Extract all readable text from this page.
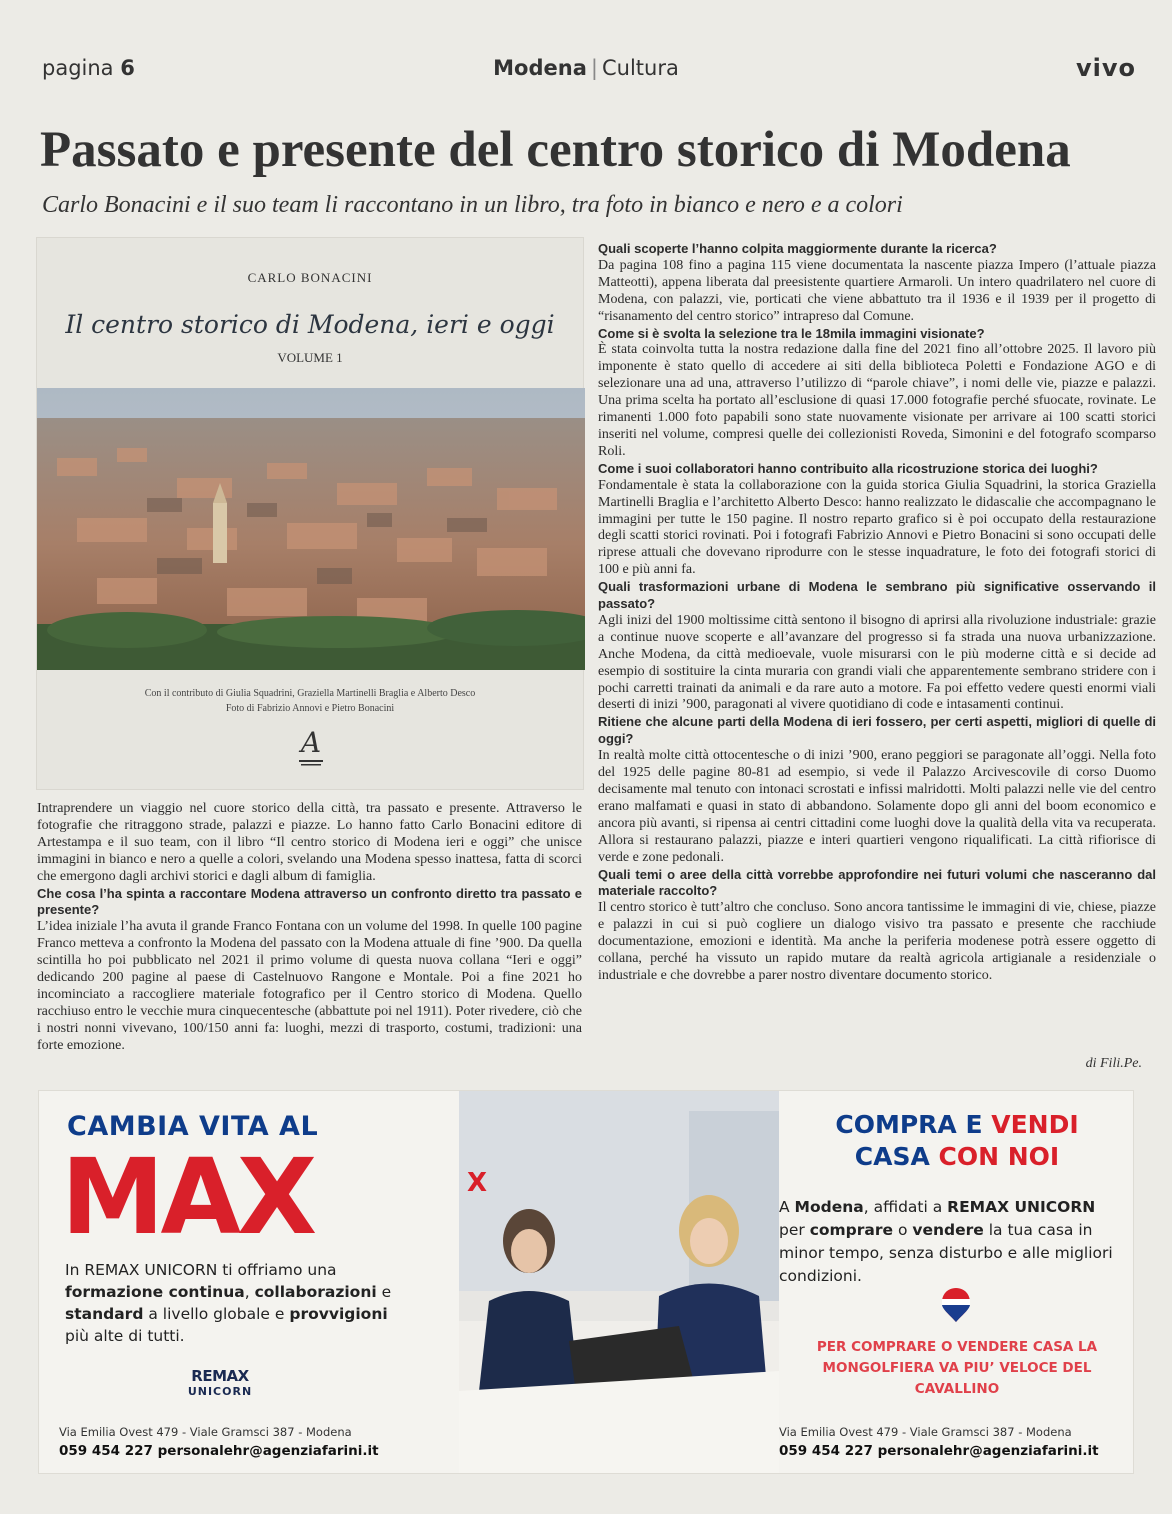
pagina 6	Modena | Cultura	vivo
Passato e presente del centro storico di Modena
Carlo Bonacini e il suo team li raccontano in un libro, tra foto in bianco e nero e a colori
CARLO BONACINI
Il centro storico di Modena, ieri e oggi
VOLUME 1
Con il contributo di Giulia Squadrini, Graziella Martinelli Braglia e Alberto Desco
Foto di Fabrizio Annovi e Pietro Bonacini
A

Intraprendere un viaggio nel cuore storico della città, tra passato e presente. Attraverso le fotografie che ritraggono strade, palazzi e piazze. Lo hanno fatto Carlo Bonacini editore di Artestampa e il suo team, con il libro “Il centro storico di Modena ieri e oggi” che unisce immagini in bianco e nero a quelle a colori, svelando una Modena spesso inattesa, fatta di scorci che emergono dagli archivi storici e dagli album di famiglia.

Che cosa l’ha spinta a raccontare Modena attraverso un confronto diretto tra passato e presente?

L’idea iniziale l’ha avuta il grande Franco Fontana con un volume del 1998. In quelle 100 pagine Franco metteva a confronto la Modena del passato con la Modena attuale di fine ’900. Da quella scintilla ho poi pubblicato nel 2021 il primo volume di questa nuova collana “Ieri e oggi” dedicando 200 pagine al paese di Castelnuovo Rangone e Montale. Poi a fine 2021 ho incominciato a raccogliere materiale fotografico per il Centro storico di Modena. Quello racchiuso entro le vecchie mura cinquecentesche (abbattute poi nel 1911). Poter rivedere, ciò che i nostri nonni vivevano, 100/150 anni fa: luoghi, mezzi di trasporto, costumi, tradizioni: una forte emozione.

Quali scoperte l’hanno colpita maggiormente durante la ricerca?

Da pagina 108 fino a pagina 115 viene documentata la nascente piazza Impero (l’attuale piazza Matteotti), appena liberata dal preesistente quartiere Armaroli. Un intero quadrilatero nel cuore di Modena, con palazzi, vie, porticati che viene abbattuto tra il 1936 e il 1939 per il progetto di “risanamento del centro storico” intrapreso dal Comune.

Come si è svolta la selezione tra le 18mila immagini visionate?

È stata coinvolta tutta la nostra redazione dalla fine del 2021 fino all’ottobre 2025. Il lavoro più imponente è stato quello di accedere ai siti della biblioteca Poletti e Fondazione AGO e di selezionare una ad una, attraverso l’utilizzo di “parole chiave”, i nomi delle vie, piazze e palazzi. Una prima scelta ha portato all’esclusione di quasi 17.000 fotografie perché sfuocate, rovinate. Le rimanenti 1.000 foto papabili sono state nuovamente visionate per arrivare ai 100 scatti storici inseriti nel volume, compresi quelle dei collezionisti Roveda, Simonini e del fotografo scomparso Roli.

Come i suoi collaboratori hanno contribuito alla ricostruzione storica dei luoghi?

Fondamentale è stata la collaborazione con la guida storica Giulia Squadrini, la storica Graziella Martinelli Braglia e l’architetto Alberto Desco: hanno realizzato le didascalie che accompagnano le immagini per tutte le 150 pagine. Il nostro reparto grafico si è poi occupato della restaurazione degli scatti storici rovinati. Poi i fotografi Fabrizio Annovi e Pietro Bonacini si sono occupati delle riprese attuali che dovevano riprodurre con le stesse inquadrature, le foto dei fotografi storici di 100 e più anni fa.

Quali trasformazioni urbane di Modena le sembrano più significative osservando il passato?

Agli inizi del 1900 moltissime città sentono il bisogno di aprirsi alla rivoluzione industriale: grazie a continue nuove scoperte e all’avanzare del progresso si fa strada una nuova urbanizzazione. Anche Modena, da città medioevale, vuole misurarsi con le più moderne città e si decide ad esempio di sostituire la cinta muraria con grandi viali che apparentemente sembrano stridere con i pochi carretti trainati da animali e da rare auto a motore. Fa poi effetto vedere questi enormi viali deserti di inizi ’900, paragonati al vivere quotidiano di code e intasamenti continui.

Ritiene che alcune parti della Modena di ieri fossero, per certi aspetti, migliori di quelle di oggi?

In realtà molte città ottocentesche o di inizi ’900, erano peggiori se paragonate all’oggi. Nella foto del 1925 delle pagine 80-81 ad esempio, si vede il Palazzo Arcivescovile di corso Duomo decisamente mal tenuto con intonaci scrostati e infissi malridotti. Molti palazzi nelle vie del centro erano malfamati e quasi in stato di abbandono. Solamente dopo gli anni del boom economico e ancora più avanti, si ripensa ai centri cittadini come luoghi dove la qualità della vita va recuperata. Allora si restaurano palazzi, piazze e interi quartieri vengono riqualificati. La città rifiorisce di verde e zone pedonali.

Quali temi o aree della città vorrebbe approfondire nei futuri volumi che nasceranno dal materiale raccolto?

Il centro storico è tutt’altro che concluso. Sono ancora tantissime le immagini di vie, chiese, piazze e palazzi in cui si può cogliere un dialogo visivo tra passato e presente che racchiude documentazione, emozioni e identità. Ma anche la periferia modenese potrà essere oggetto di collana, perché ha vissuto un rapido mutare da realtà agricola artigianale a residenziale o industriale e che dovrebbe a parer nostro diventare documento storico.

di Fili.Pe.
CAMBIA VITA AL
MAX
In REMAX UNICORN ti offriamo una formazione continua, collaborazioni e standard a livello globale e provvigioni più alte di tutti.
REMAX
UNICORN
Via Emilia Ovest 479 - Viale Gramsci 387 - Modena
059 454 227 personalehr@agenziafarini.it
X
COMPRA E VENDI
CASA CON NOI
A Modena, affidati a REMAX UNICORN per comprare o vendere la tua casa in minor tempo, senza disturbo e alle migliori condizioni.
PER COMPRARE O VENDERE CASA LA MONGOLFIERA VA PIU’ VELOCE DEL CAVALLINO
Via Emilia Ovest 479 - Viale Gramsci 387 - Modena
059 454 227 personalehr@agenziafarini.it
